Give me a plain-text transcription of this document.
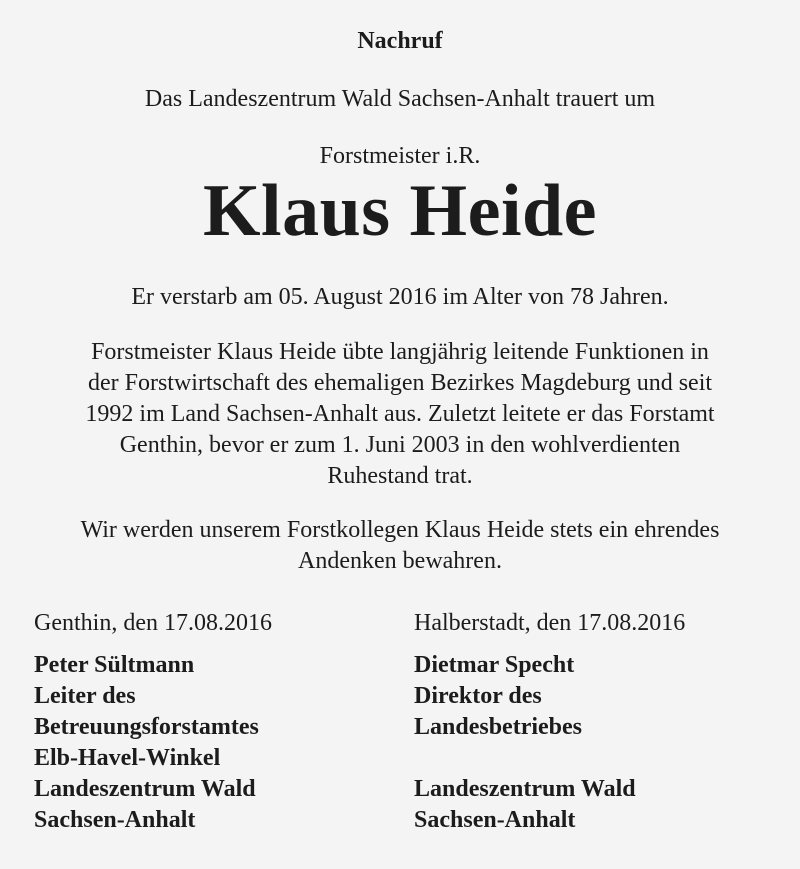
Nachruf
Das Landeszentrum Wald Sachsen-Anhalt trauert um
Forstmeister i.R.
Klaus Heide
Er verstarb am 05. August 2016 im Alter von 78 Jahren.
Forstmeister Klaus Heide übte langjährig leitende Funktionen in
der Forstwirtschaft des ehemaligen Bezirkes Magdeburg und seit
1992 im Land Sachsen-Anhalt aus. Zuletzt leitete er das Forstamt
Genthin, bevor er zum 1. Juni 2003 in den wohlverdienten
Ruhestand trat.
Wir werden unserem Forstkollegen Klaus Heide stets ein ehrendes
Andenken bewahren.
Genthin, den 17.08.2016
Peter Sültmann
Leiter des
Betreuungsforstamtes
Elb-Havel-Winkel
Landeszentrum Wald
Sachsen-Anhalt
Halberstadt, den 17.08.2016
Dietmar Specht
Direktor des
Landesbetriebes
Landeszentrum Wald
Sachsen-Anhalt
